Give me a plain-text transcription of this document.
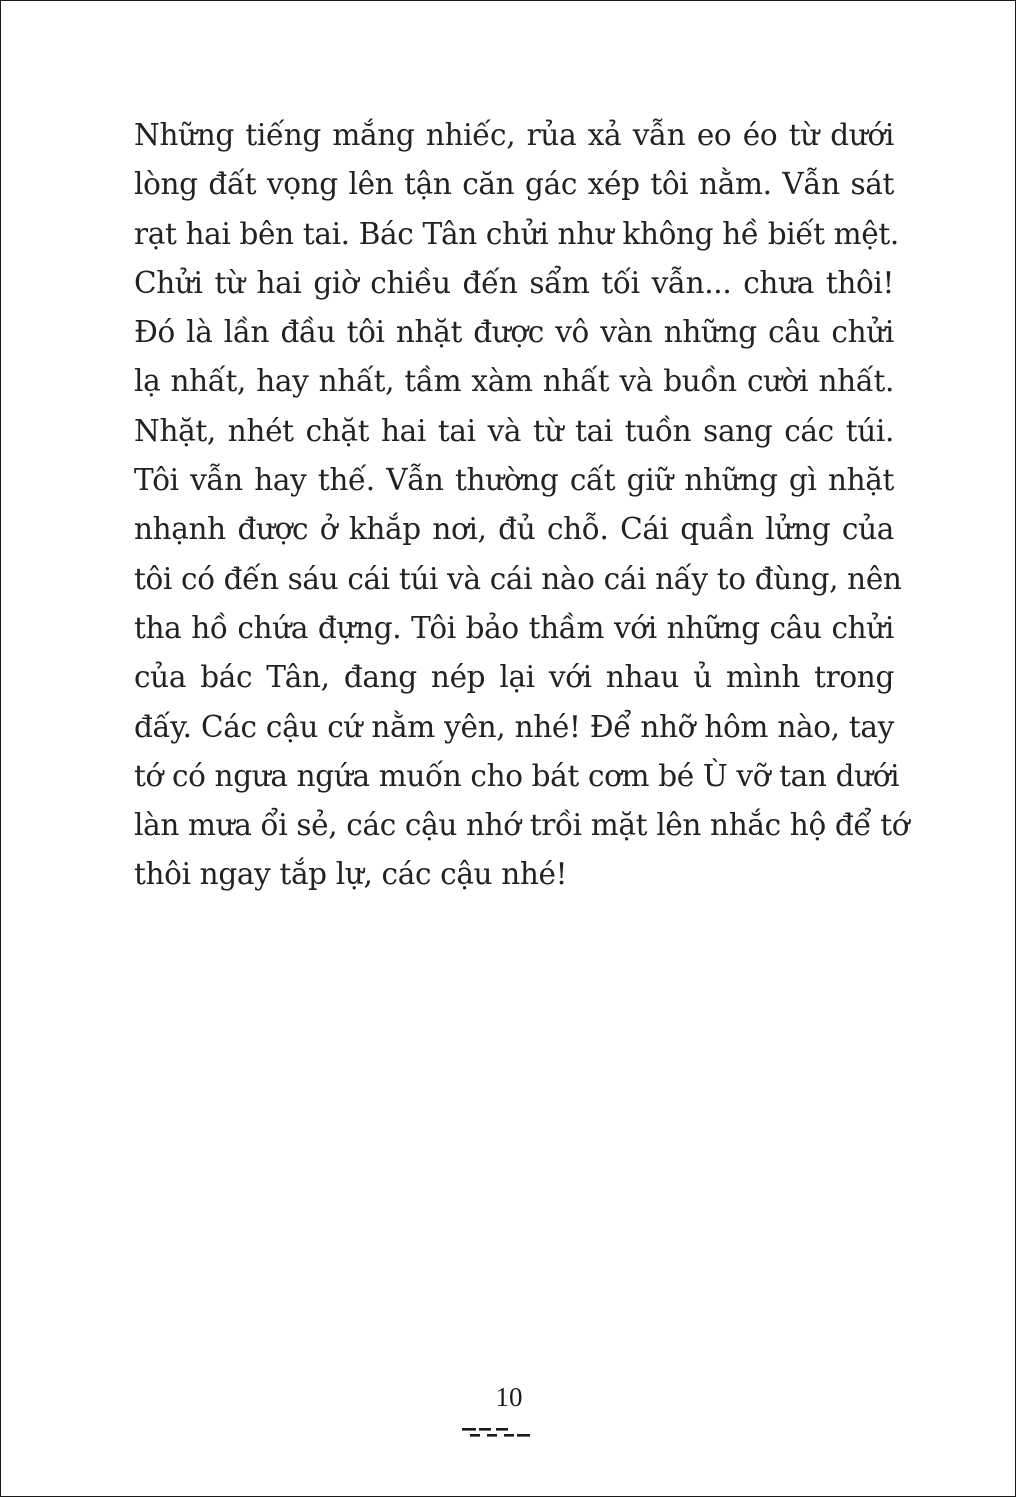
Những tiếng mắng nhiếc, rủa xả vẫn eo éo từ dưới
lòng đất vọng lên tận căn gác xép tôi nằm. Vẫn sát
rạt hai bên tai. Bác Tân chửi như không hề biết mệt.
Chửi từ hai giờ chiều đến sẩm tối vẫn... chưa thôi!
Đó là lần đầu tôi nhặt được vô vàn những câu chửi
lạ nhất, hay nhất, tầm xàm nhất và buồn cười nhất.
Nhặt, nhét chặt hai tai và từ tai tuồn sang các túi.
Tôi vẫn hay thế. Vẫn thường cất giữ những gì nhặt
nhạnh được ở khắp nơi, đủ chỗ. Cái quần lửng của
tôi có đến sáu cái túi và cái nào cái nấy to đùng, nên
tha hồ chứa đựng. Tôi bảo thầm với những câu chửi
của bác Tân, đang nép lại với nhau ủ mình trong
đấy. Các cậu cứ nằm yên, nhé! Để nhỡ hôm nào, tay
tớ có ngưa ngứa muốn cho bát cơm bé Ù vỡ tan dưới
làn mưa ổi sẻ, các cậu nhớ trồi mặt lên nhắc hộ để tớ
thôi ngay tắp lự, các cậu nhé!
10
